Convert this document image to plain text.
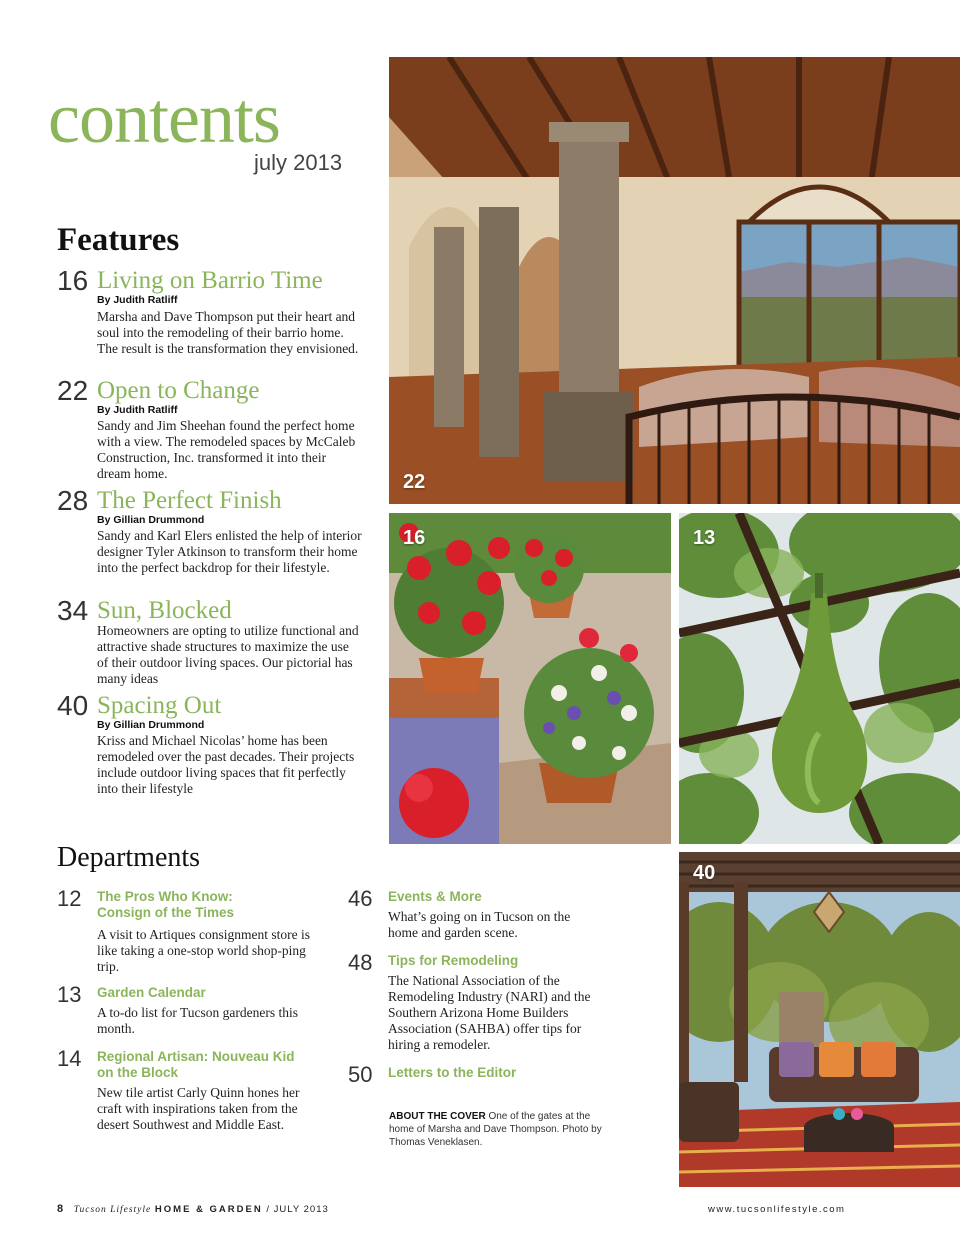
contents
july 2013
Features
16 Living on Barrio Time
By Judith Ratliff
Marsha and Dave Thompson put their heart and soul into the remodeling of their barrio home. The result is the transformation they envisioned.
22 Open to Change
By Judith Ratliff
Sandy and Jim Sheehan found the perfect home with a view. The remodeled spaces by McCaleb Construction, Inc. transformed it into their dream home.
28 The Perfect Finish
By Gillian Drummond
Sandy and Karl Elers enlisted the help of interior designer Tyler Atkinson to transform their home into the perfect backdrop for their lifestyle.
34 Sun, Blocked
Homeowners are opting to utilize functional and attractive shade structures to maximize the use of their outdoor living spaces. Our pictorial has many ideas
40 Spacing Out
By Gillian Drummond
Kriss and Michael Nicolas’ home has been remodeled over the past decades. Their projects include outdoor living spaces that fit perfectly into their lifestyle
Departments
12 The Pros Who Know: Consign of the Times
A visit to Artiques consignment store is like taking a one-stop world shop-ping trip.
13 Garden Calendar
A to-do list for Tucson gardeners this month.
14 Regional Artisan: Nouveau Kid on the Block
New tile artist Carly Quinn hones her craft with inspirations taken from the desert Southwest and Middle East.
46 Events & More
What’s going on in Tucson on the home and garden scene.
48 Tips for Remodeling
The National Association of the Remodeling Industry (NARI) and the Southern Arizona Home Builders Association (SAHBA) offer tips for hiring a remodeler.
50 Letters to the Editor
ABOUT THE COVER One of the gates at the home of Marsha and Dave Thompson. Photo by Thomas Veneklasen.
22
16	13
40
8 Tucson Lifestyle HOME & GARDEN / JULY 2013	www.tucsonlifestyle.com
